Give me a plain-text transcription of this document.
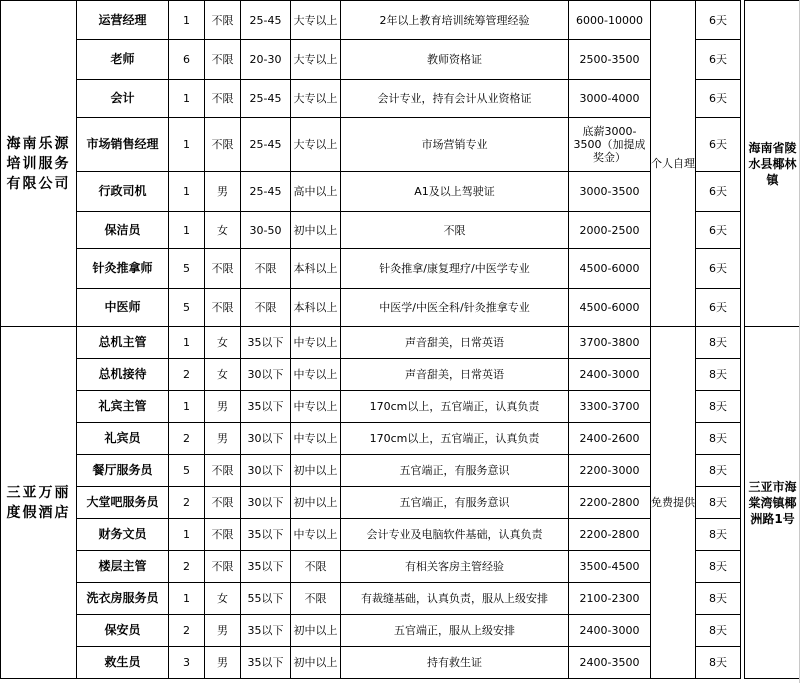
海南乐源培训服务有限公司	运营经理	1	不限	25-45	大专以上	2年以上教育培训统筹管理经验	6000-10000	个人自理	6天		海南省陵水县椰林镇
	老师	6	不限	20-30	大专以上	教师资格证	2500-3500		6天		
	会计	1	不限	25-45	大专以上	会计专业，持有会计从业资格证	3000-4000		6天		
	市场销售经理	1	不限	25-45	大专以上	市场营销专业	底薪3000-3500（加提成奖金）		6天		
	行政司机	1	男	25-45	高中以上	A1及以上驾驶证	3000-3500		6天		
	保洁员	1	女	30-50	初中以上	不限	2000-2500		6天		
	针灸推拿师	5	不限	不限	本科以上	针灸推拿/康复理疗/中医学专业	4500-6000		6天		
	中医师	5	不限	不限	本科以上	中医学/中医全科/针灸推拿专业	4500-6000		6天		
三亚万丽度假酒店	总机主管	1	女	35以下	中专以上	声音甜美，日常英语	3700-3800	免费提供	8天		三亚市海棠湾镇椰洲路1号
	总机接待	2	女	30以下	中专以上	声音甜美，日常英语	2400-3000		8天		
	礼宾主管	1	男	35以下	中专以上	170cm以上，五官端正，认真负责	3300-3700		8天		
	礼宾员	2	男	30以下	中专以上	170cm以上，五官端正，认真负责	2400-2600		8天		
	餐厅服务员	5	不限	30以下	初中以上	五官端正，有服务意识	2200-3000		8天		
	大堂吧服务员	2	不限	30以下	初中以上	五官端正，有服务意识	2200-2800		8天		
	财务文员	1	不限	35以下	中专以上	会计专业及电脑软件基础，认真负责	2200-2800		8天		
	楼层主管	2	不限	35以下	不限	有相关客房主管经验	3500-4500		8天		
	洗衣房服务员	1	女	55以下	不限	有裁缝基础，认真负责，服从上级安排	2100-2300		8天		
	保安员	2	男	35以下	初中以上	五官端正，服从上级安排	2400-3000		8天		
	救生员	3	男	35以下	初中以上	持有救生证	2400-3500		8天		
